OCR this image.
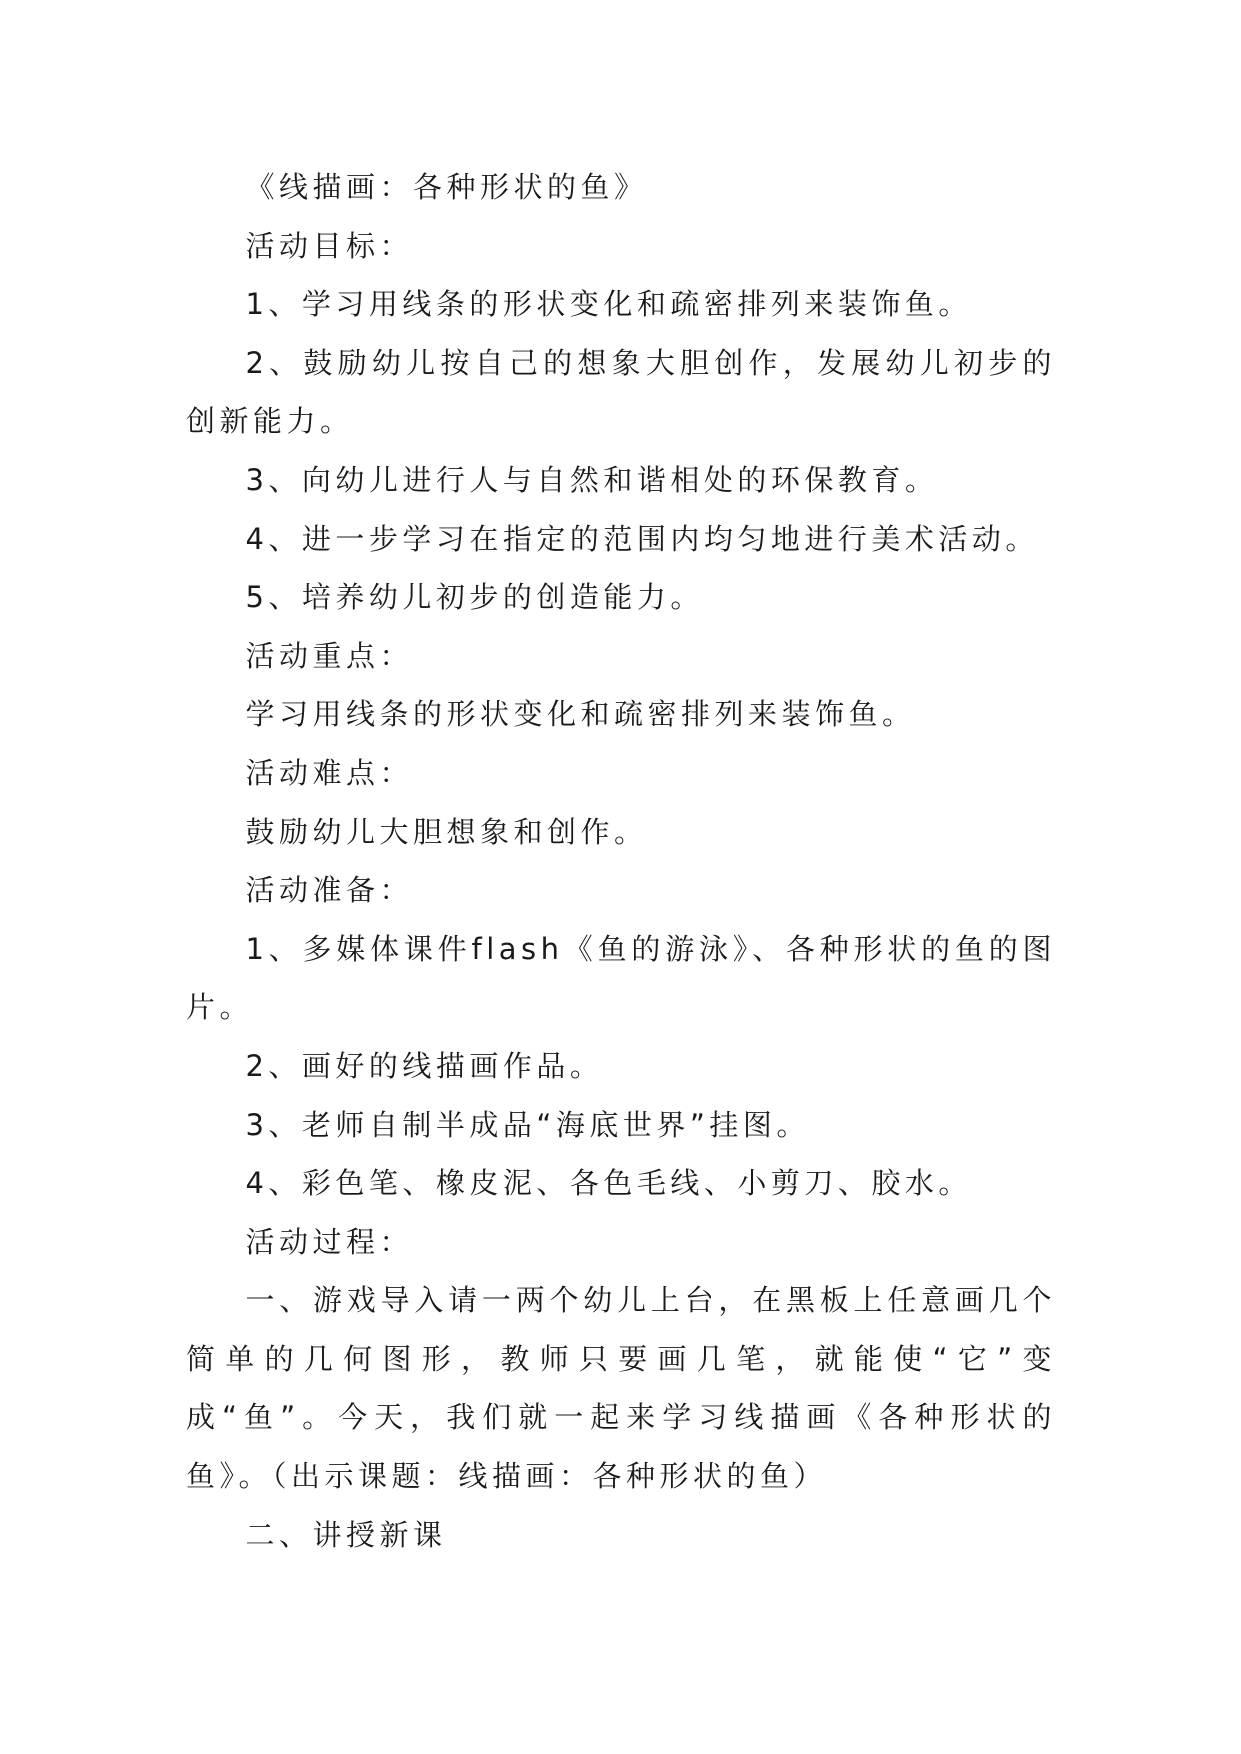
《线描画：各种形状的鱼》

活动目标：

1、学习用线条的形状变化和疏密排列来装饰鱼。

2、鼓励幼儿按自己的想象大胆创作，发展幼儿初步的创新能力。

3、向幼儿进行人与自然和谐相处的环保教育。

4、进一步学习在指定的范围内均匀地进行美术活动。

5、培养幼儿初步的创造能力。

活动重点：

学习用线条的形状变化和疏密排列来装饰鱼。

活动难点：

鼓励幼儿大胆想象和创作。

活动准备：

1、多媒体课件flash《鱼的游泳》、各种形状的鱼的图片。

2、画好的线描画作品。

3、老师自制半成品“海底世界”挂图。

4、彩色笔、橡皮泥、各色毛线、小剪刀、胶水。

活动过程：

一、游戏导入请一两个幼儿上台，在黑板上任意画几个简单的几何图形，教师只要画几笔，就能使“它”变成“鱼”。今天，我们就一起来学习线描画《各种形状的鱼》。（出示课题：线描画：各种形状的鱼）

二、讲授新课
